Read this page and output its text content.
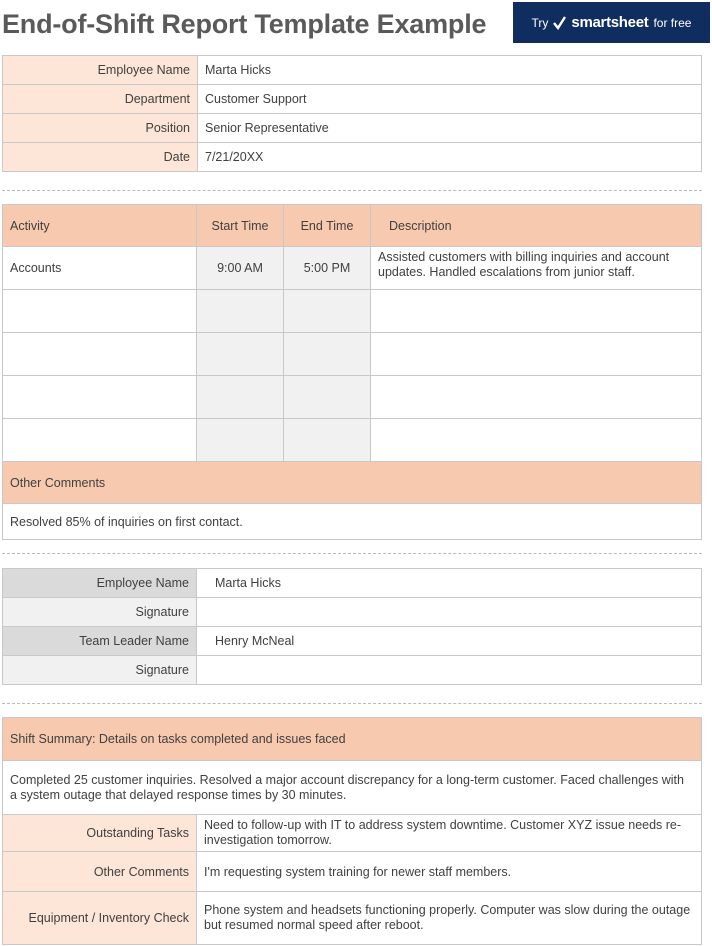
End-of-Shift Report Template Example	Try smartsheet for free
Employee Name	Marta Hicks
Department	Customer Support
Position	Senior Representative
Date	7/21/20XX
Activity	Start Time	End Time	Description
Accounts	9:00 AM	5:00 PM	Assisted customers with billing inquiries and account updates. Handled escalations from junior staff.

Other Comments			
Resolved 85% of inquiries on first contact.			
Employee Name	Marta Hicks
Signature	
Team Leader Name	Henry McNeal
Signature	
Shift Summary: Details on tasks completed and issues faced	
Completed 25 customer inquiries. Resolved a major account discrepancy for a long-term customer. Faced challenges with a system outage that delayed response times by 30 minutes.	
Outstanding Tasks	Need to follow-up with IT to address system downtime. Customer XYZ issue needs re-investigation tomorrow.
Other Comments	I'm requesting system training for newer staff members.
Equipment / Inventory Check	Phone system and headsets functioning properly. Computer was slow during the outage but resumed normal speed after reboot.
